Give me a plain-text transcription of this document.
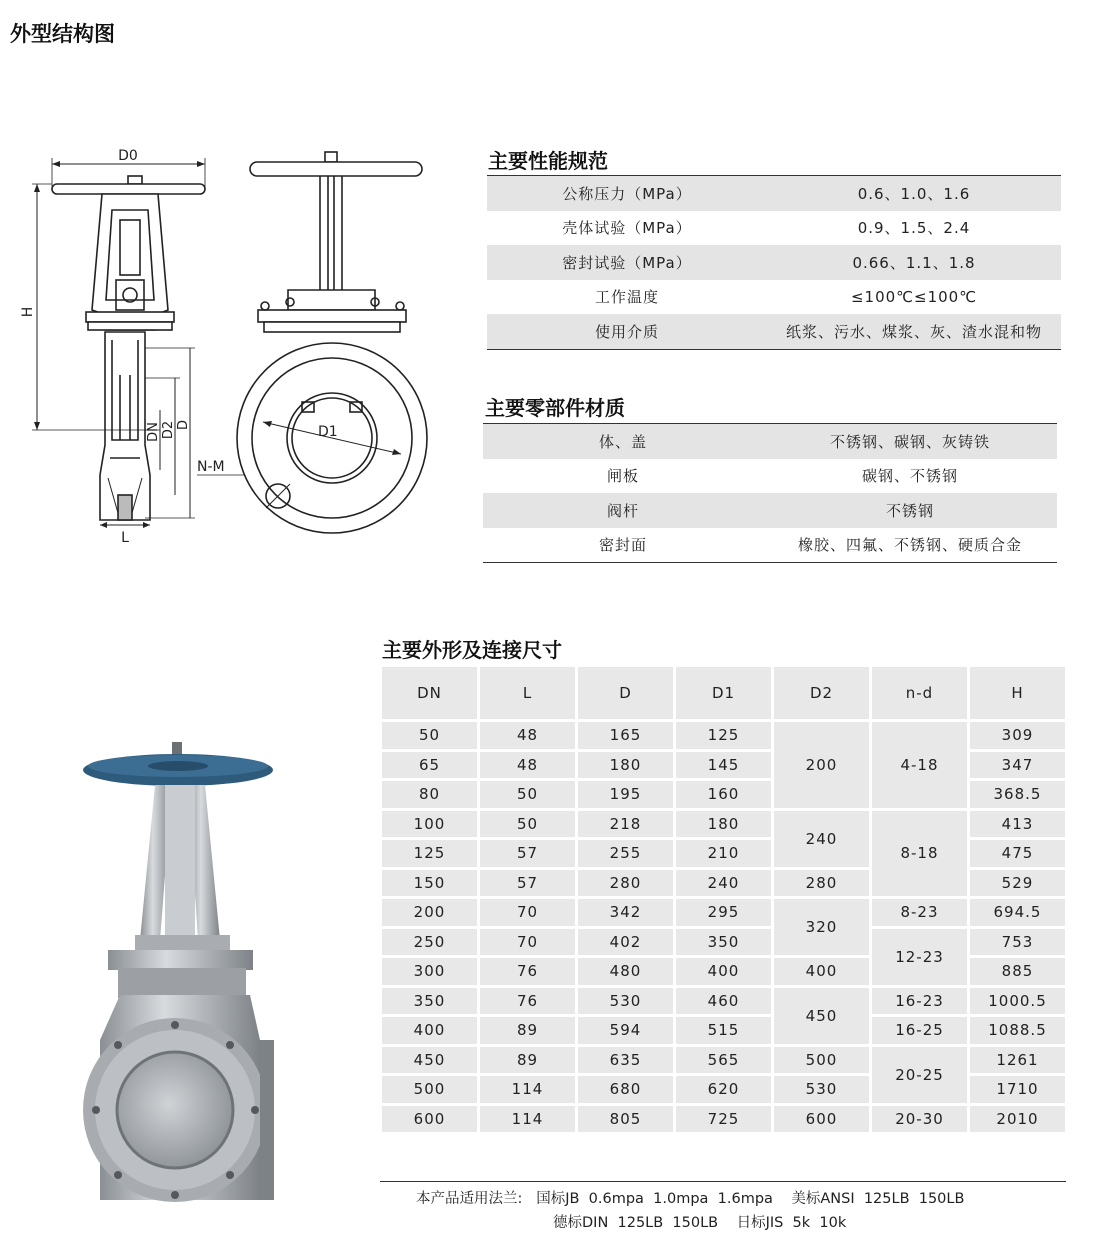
外型结构图
D0
H
DN D2 D
L
N-M
D1
主要性能规范
公称压力（MPa）	0.6、1.0、1.6
壳体试验（MPa）	0.9、1.5、2.4
密封试验（MPa）	0.66、1.1、1.8
工作温度	≤100℃≤100℃
使用介质	纸浆、污水、煤浆、灰、渣水混和物
主要零部件材质
体、盖	不锈钢、碳钢、灰铸铁
闸板	碳钢、不锈钢
阀杆	不锈钢
密封面	橡胶、四氟、不锈钢、硬质合金
主要外形及连接尺寸
DN	L	D	D1	D2	n-d	H
50	48	165	125	200	4-18	309
65	48	180	145			347
80	50	195	160			368.5
100	50	218	180	240	8-18	413
125	57	255	210			475
150	57	280	240	280		529
200	70	342	295	320	8-23	694.5
250	70	402	350		12-23	753
300	76	480	400	400		885
350	76	530	460	450	16-23	1000.5
400	89	594	515		16-25	1088.5
450	89	635	565	500	20-25	1261
500	114	680	620	530		1710
600	114	805	725	600	20-30	2010
本产品适用法兰:   国标JB  0.6mpa  1.0mpa  1.6mpa    美标ANSI  125LB  150LB
德标DIN  125LB  150LB    日标JIS  5k  10k
